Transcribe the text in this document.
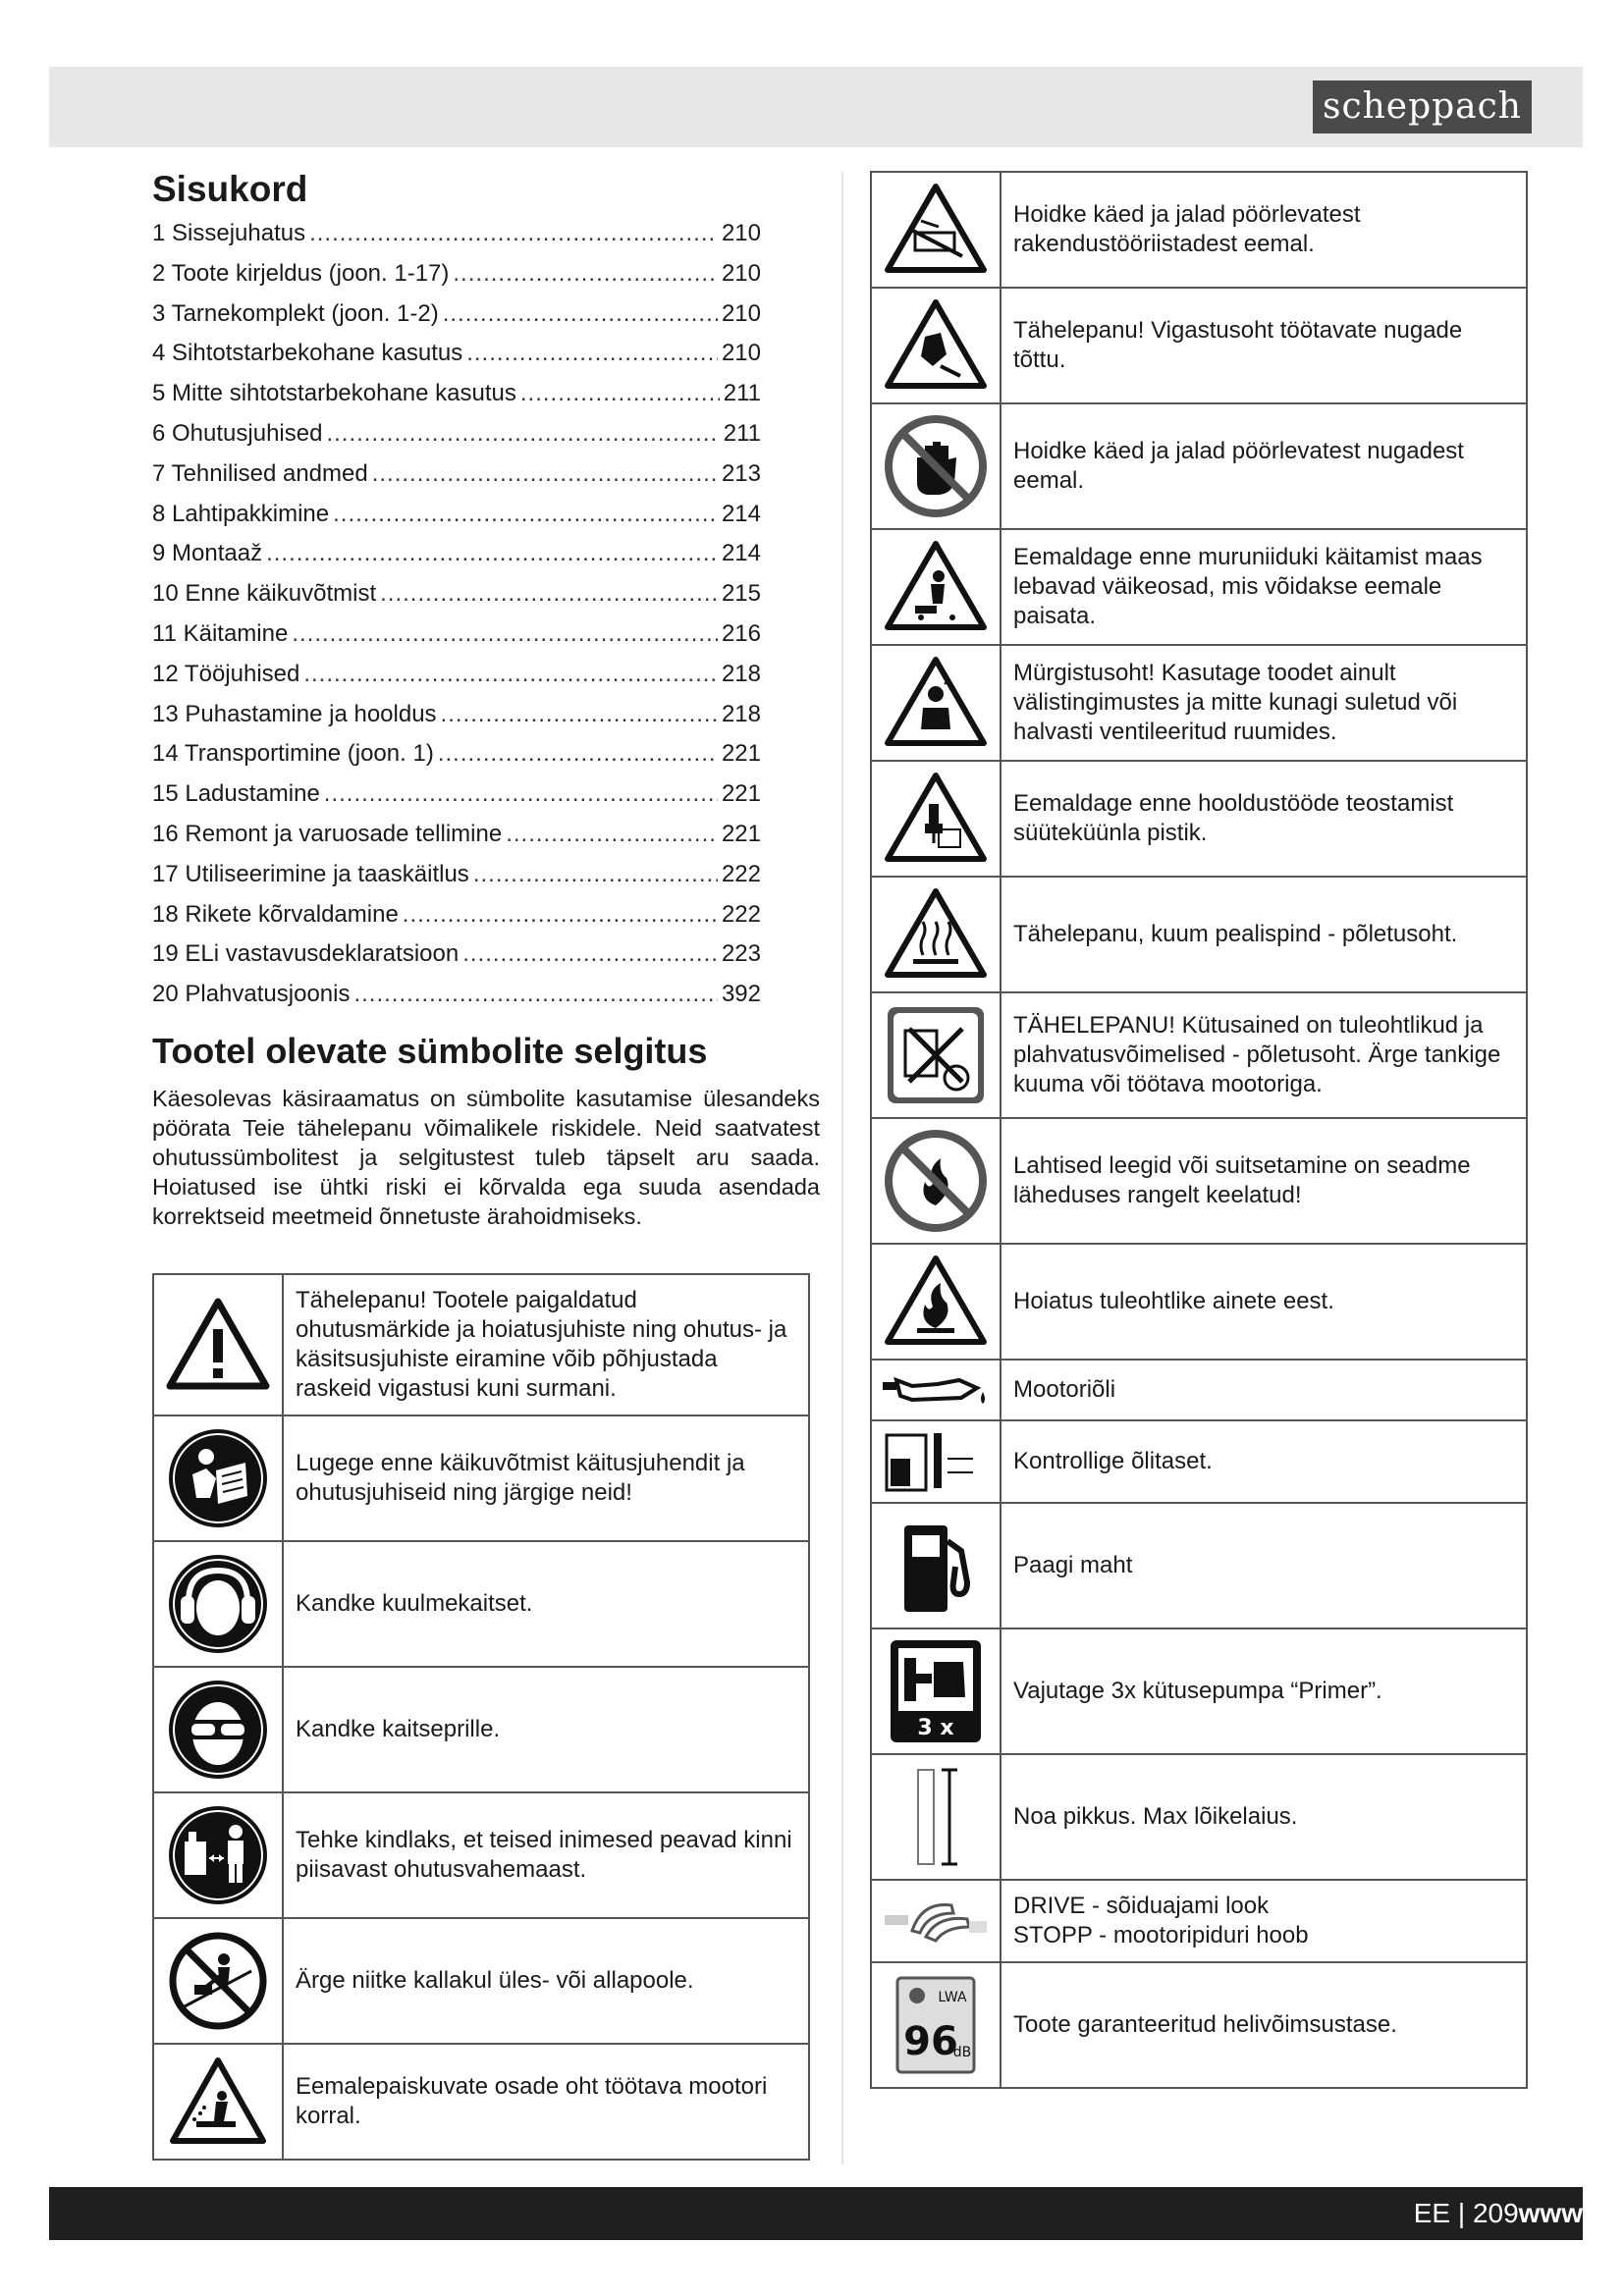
scheppach
Sisukord
1 Sissejuhatus .....	210
2 Toote kirjeldus (joon. 1-17) .....	210
3 Tarnekomplekt (joon. 1-2) .....	210
4 Sihtotstarbekohane kasutus .....	210
5 Mitte sihtotstarbekohane kasutus .....	211
6 Ohutusjuhised .....	211
7 Tehnilised andmed .....	213
8 Lahtipakkimine .....	214
9 Montaaž .....	214
10 Enne käikuvõtmist .....	215
11 Käitamine .....	216
12 Tööjuhised .....	218
13 Puhastamine ja hooldus .....	218
14 Transportimine (joon. 1) .....	221
15 Ladustamine .....	221
16 Remont ja varuosade tellimine .....	221
17 Utiliseerimine ja taaskäitlus .....	222
18 Rikete kõrvaldamine .....	222
19 ELi vastavusdeklaratsioon .....	223
20 Plahvatusjoonis .....	392
Tootel olevate sümbolite selgitus

Käesolevas käsiraamatus on sümbolite kasutamise ülesandeks pöörata Teie tähelepanu võimalikele riskidele. Neid saatvatest ohutussümbolitest ja selgitustest tuleb täpselt aru saada. Hoiatused ise ühtki riski ei kõrvalda ega suuda asendada korrektseid meetmeid õnnetuste ärahoidmiseks.

	Tähelepanu! Tootele paigaldatud ohutusmärkide ja hoiatusjuhiste ning ohutus- ja käsitsusjuhiste eiramine võib põhjustada raskeid vigastusi kuni surmani.

	Lugege enne käikuvõtmist käitusjuhendit ja ohutusjuhiseid ning järgige neid!

	Kandke kuulmekaitset.

	Kandke kaitseprille.

	Tehke kindlaks, et teised inimesed peavad kinni piisavast ohutusvahemaast.

	Ärge niitke kallakul üles- või allapoole.

	Eemalepaiskuvate osade oht töötava mootori korral.
	Hoidke käed ja jalad pöörlevatest rakendustööriistadest eemal.

	Tähelepanu! Vigastusoht töötavate nugade tõttu.

	Hoidke käed ja jalad pöörlevatest nugadest eemal.

	Eemaldage enne muruniiduki käitamist maas lebavad väikeosad, mis võidakse eemale paisata.

	Mürgistusoht! Kasutage toodet ainult välistingimustes ja mitte kunagi suletud või halvasti ventileeritud ruumides.

	Eemaldage enne hooldustööde teostamist süüteküünla pistik.

	Tähelepanu, kuum pealispind - põletusoht.

	TÄHELEPANU! Kütusained on tuleohtlikud ja plahvatusvõimelised - põletusoht. Ärge tankige kuuma või töötava mootoriga.

	Lahtised leegid või suitsetamine on seadme läheduses rangelt keelatud!

	Hoiatus tuleohtlike ainete eest.

	Mootoriõli

	Kontrollige õlitaset.

	Paagi maht

3 x	Vajutage 3x kütusepumpa “Primer”.

	Noa pikkus. Max lõikelaius.

	DRIVE - sõiduajami look
STOPP - mootoripiduri hoob

LWA
96
dB	Toote garanteeritud helivõimsustase.
EE | 209www
